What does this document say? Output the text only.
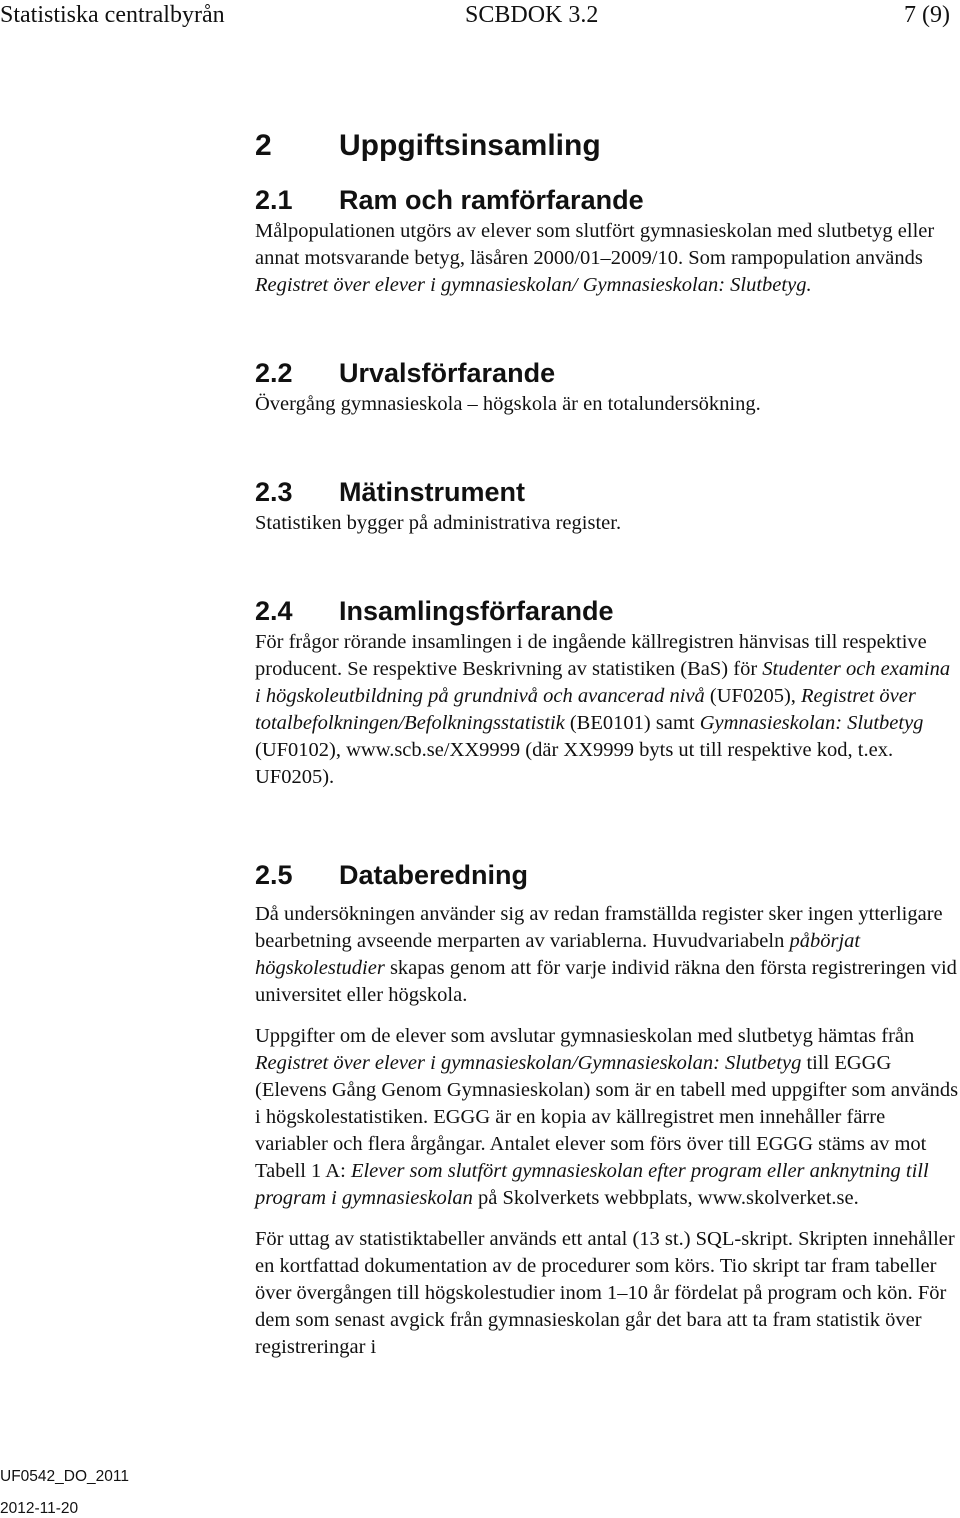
Statistiska centralbyrån	SCBDOK 3.2	7 (9)
2 Uppgiftsinsamling
2.1 Ram och ramförfarande

Målpopulationen utgörs av elever som slutfört gymnasieskolan med slutbetyg eller annat motsvarande betyg, läsåren 2000/01–2009/10. Som rampopulation används Registret över elever i gymnasieskolan/ Gymnasieskolan: Slutbetyg.

2.2 Urvalsförfarande

Övergång gymnasieskola – högskola är en totalundersökning.

2.3 Mätinstrument

Statistiken bygger på administrativa register.

2.4 Insamlingsförfarande

För frågor rörande insamlingen i de ingående källregistren hänvisas till respektive producent. Se respektive Beskrivning av statistiken (BaS) för Studenter och examina i högskoleutbildning på grundnivå och avancerad nivå (UF0205), Registret över totalbefolkningen/Befolkningsstatistik (BE0101) samt Gymnasieskolan: Slutbetyg (UF0102), www.scb.se/XX9999 (där XX9999 byts ut till respektive kod, t.ex. UF0205).

2.5 Databeredning

Då undersökningen använder sig av redan framställda register sker ingen ytterligare bearbetning avseende merparten av variablerna. Huvudvariabeln påbörjat högskolestudier skapas genom att för varje individ räkna den första registreringen vid universitet eller högskola.

Uppgifter om de elever som avslutar gymnasieskolan med slutbetyg hämtas från Registret över elever i gymnasieskolan/Gymnasieskolan: Slutbetyg till EGGG (Elevens Gång Genom Gymnasieskolan) som är en tabell med uppgifter som används i högskolestatistiken. EGGG är en kopia av källregistret men innehåller färre variabler och flera årgångar. Antalet elever som förs över till EGGG stäms av mot Tabell 1 A: Elever som slutfört gymnasieskolan efter program eller anknytning till program i gymnasieskolan på Skolverkets webbplats, www.skolverket.se.

För uttag av statistiktabeller används ett antal (13 st.) SQL-skript. Skripten innehåller en kortfattad dokumentation av de procedurer som körs. Tio skript tar fram tabeller över övergången till högskolestudier inom 1–10 år fördelat på program och kön. För dem som senast avgick från gymnasieskolan går det bara att ta fram statistik över registreringar i

UF0542_DO_2011
2012-11-20
